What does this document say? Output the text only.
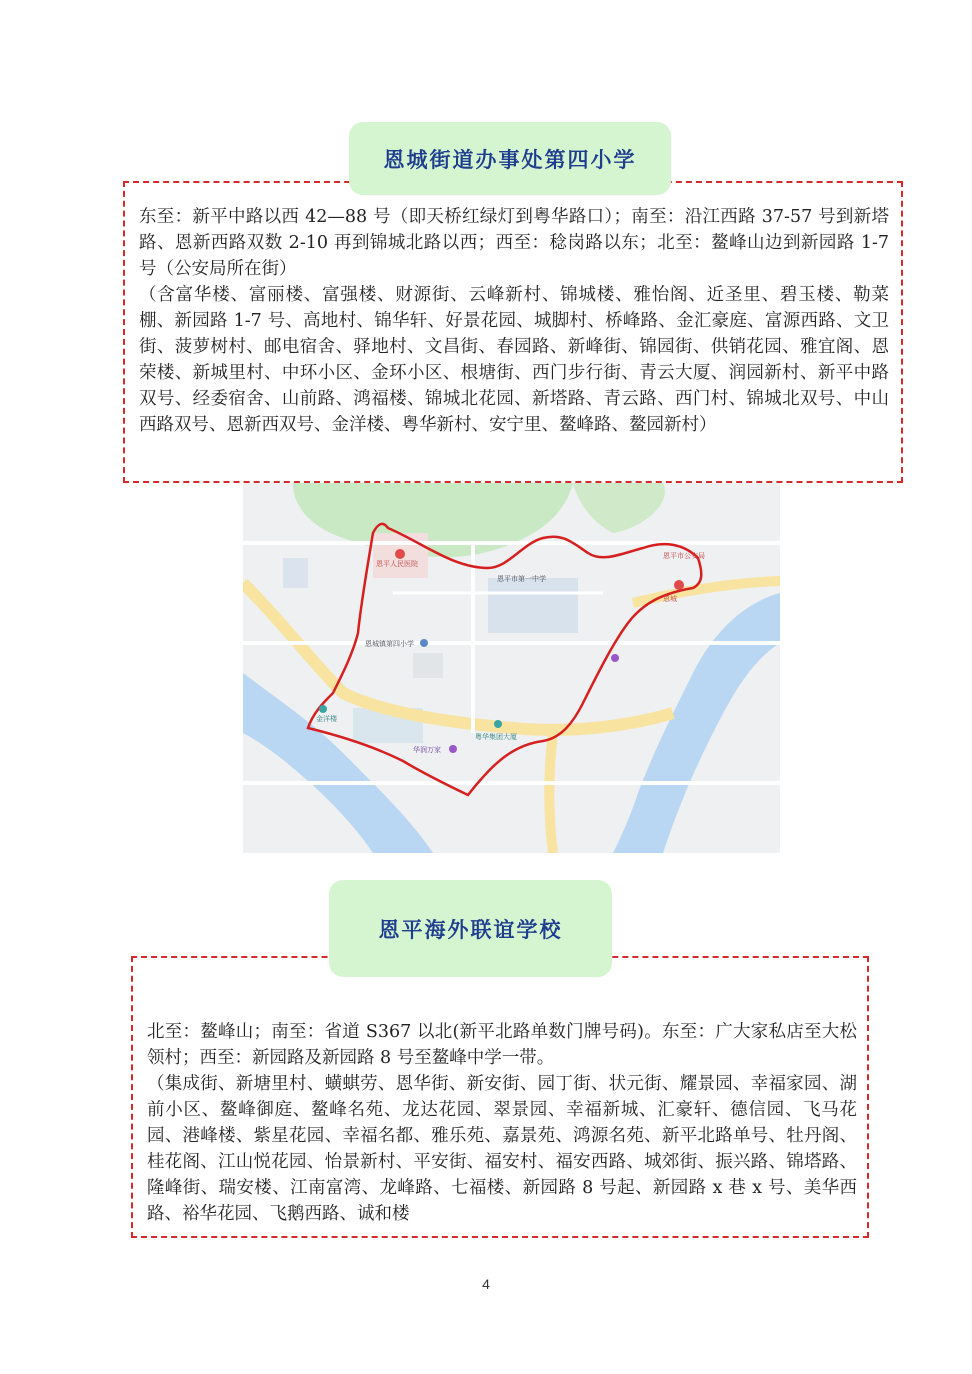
恩城街道办事处第四小学

东至：新平中路以西 42—88 号（即天桥红绿灯到粤华路口）；南至：沿江西路 37-57 号到新塔路、恩新西路双数 2-10 再到锦城北路以西；西至：稔岗路以东；北至：鳌峰山边到新园路 1-7 号（公安局所在街）

（含富华楼、富丽楼、富强楼、财源街、云峰新村、锦城楼、雅怡阁、近圣里、碧玉楼、勒菜棚、新园路 1-7 号、高地村、锦华轩、好景花园、城脚村、桥峰路、金汇豪庭、富源西路、文卫街、菠萝树村、邮电宿舍、驿地村、文昌街、春园路、新峰街、锦园街、供销花园、雅宜阁、恩荣楼、新城里村、中环小区、金环小区、根塘街、西门步行街、青云大厦、润园新村、新平中路双号、经委宿舍、山前路、鸿福楼、锦城北花园、新塔路、青云路、西门村、锦城北双号、中山西路双号、恩新西双号、金洋楼、粤华新村、安宁里、鳌峰路、鳌园新村）

恩平人民医院
恩平市第一中学
恩城镇第四小学
金洋楼
粤华集团大厦
华润万家
恩平市公安局
恩城
恩平海外联谊学校

北至：鳌峰山；南至：省道 S367 以北(新平北路单数门牌号码)。东至：广大家私店至大松领村；西至：新园路及新园路 8 号至鳌峰中学一带。

（集成街、新塘里村、蟥蜞劳、恩华街、新安街、园丁街、状元街、耀景园、幸福家园、湖前小区、鳌峰御庭、鳌峰名苑、龙达花园、翠景园、幸福新城、汇豪轩、德信园、飞马花园、港峰楼、紫星花园、幸福名都、雅乐苑、嘉景苑、鸿源名苑、新平北路单号、牡丹阁、桂花阁、江山悦花园、怡景新村、平安街、福安村、福安西路、城郊街、振兴路、锦塔路、隆峰街、瑞安楼、江南富湾、龙峰路、七福楼、新园路 8 号起、新园路 x 巷 x 号、美华西路、裕华花园、飞鹅西路、诚和楼

4
